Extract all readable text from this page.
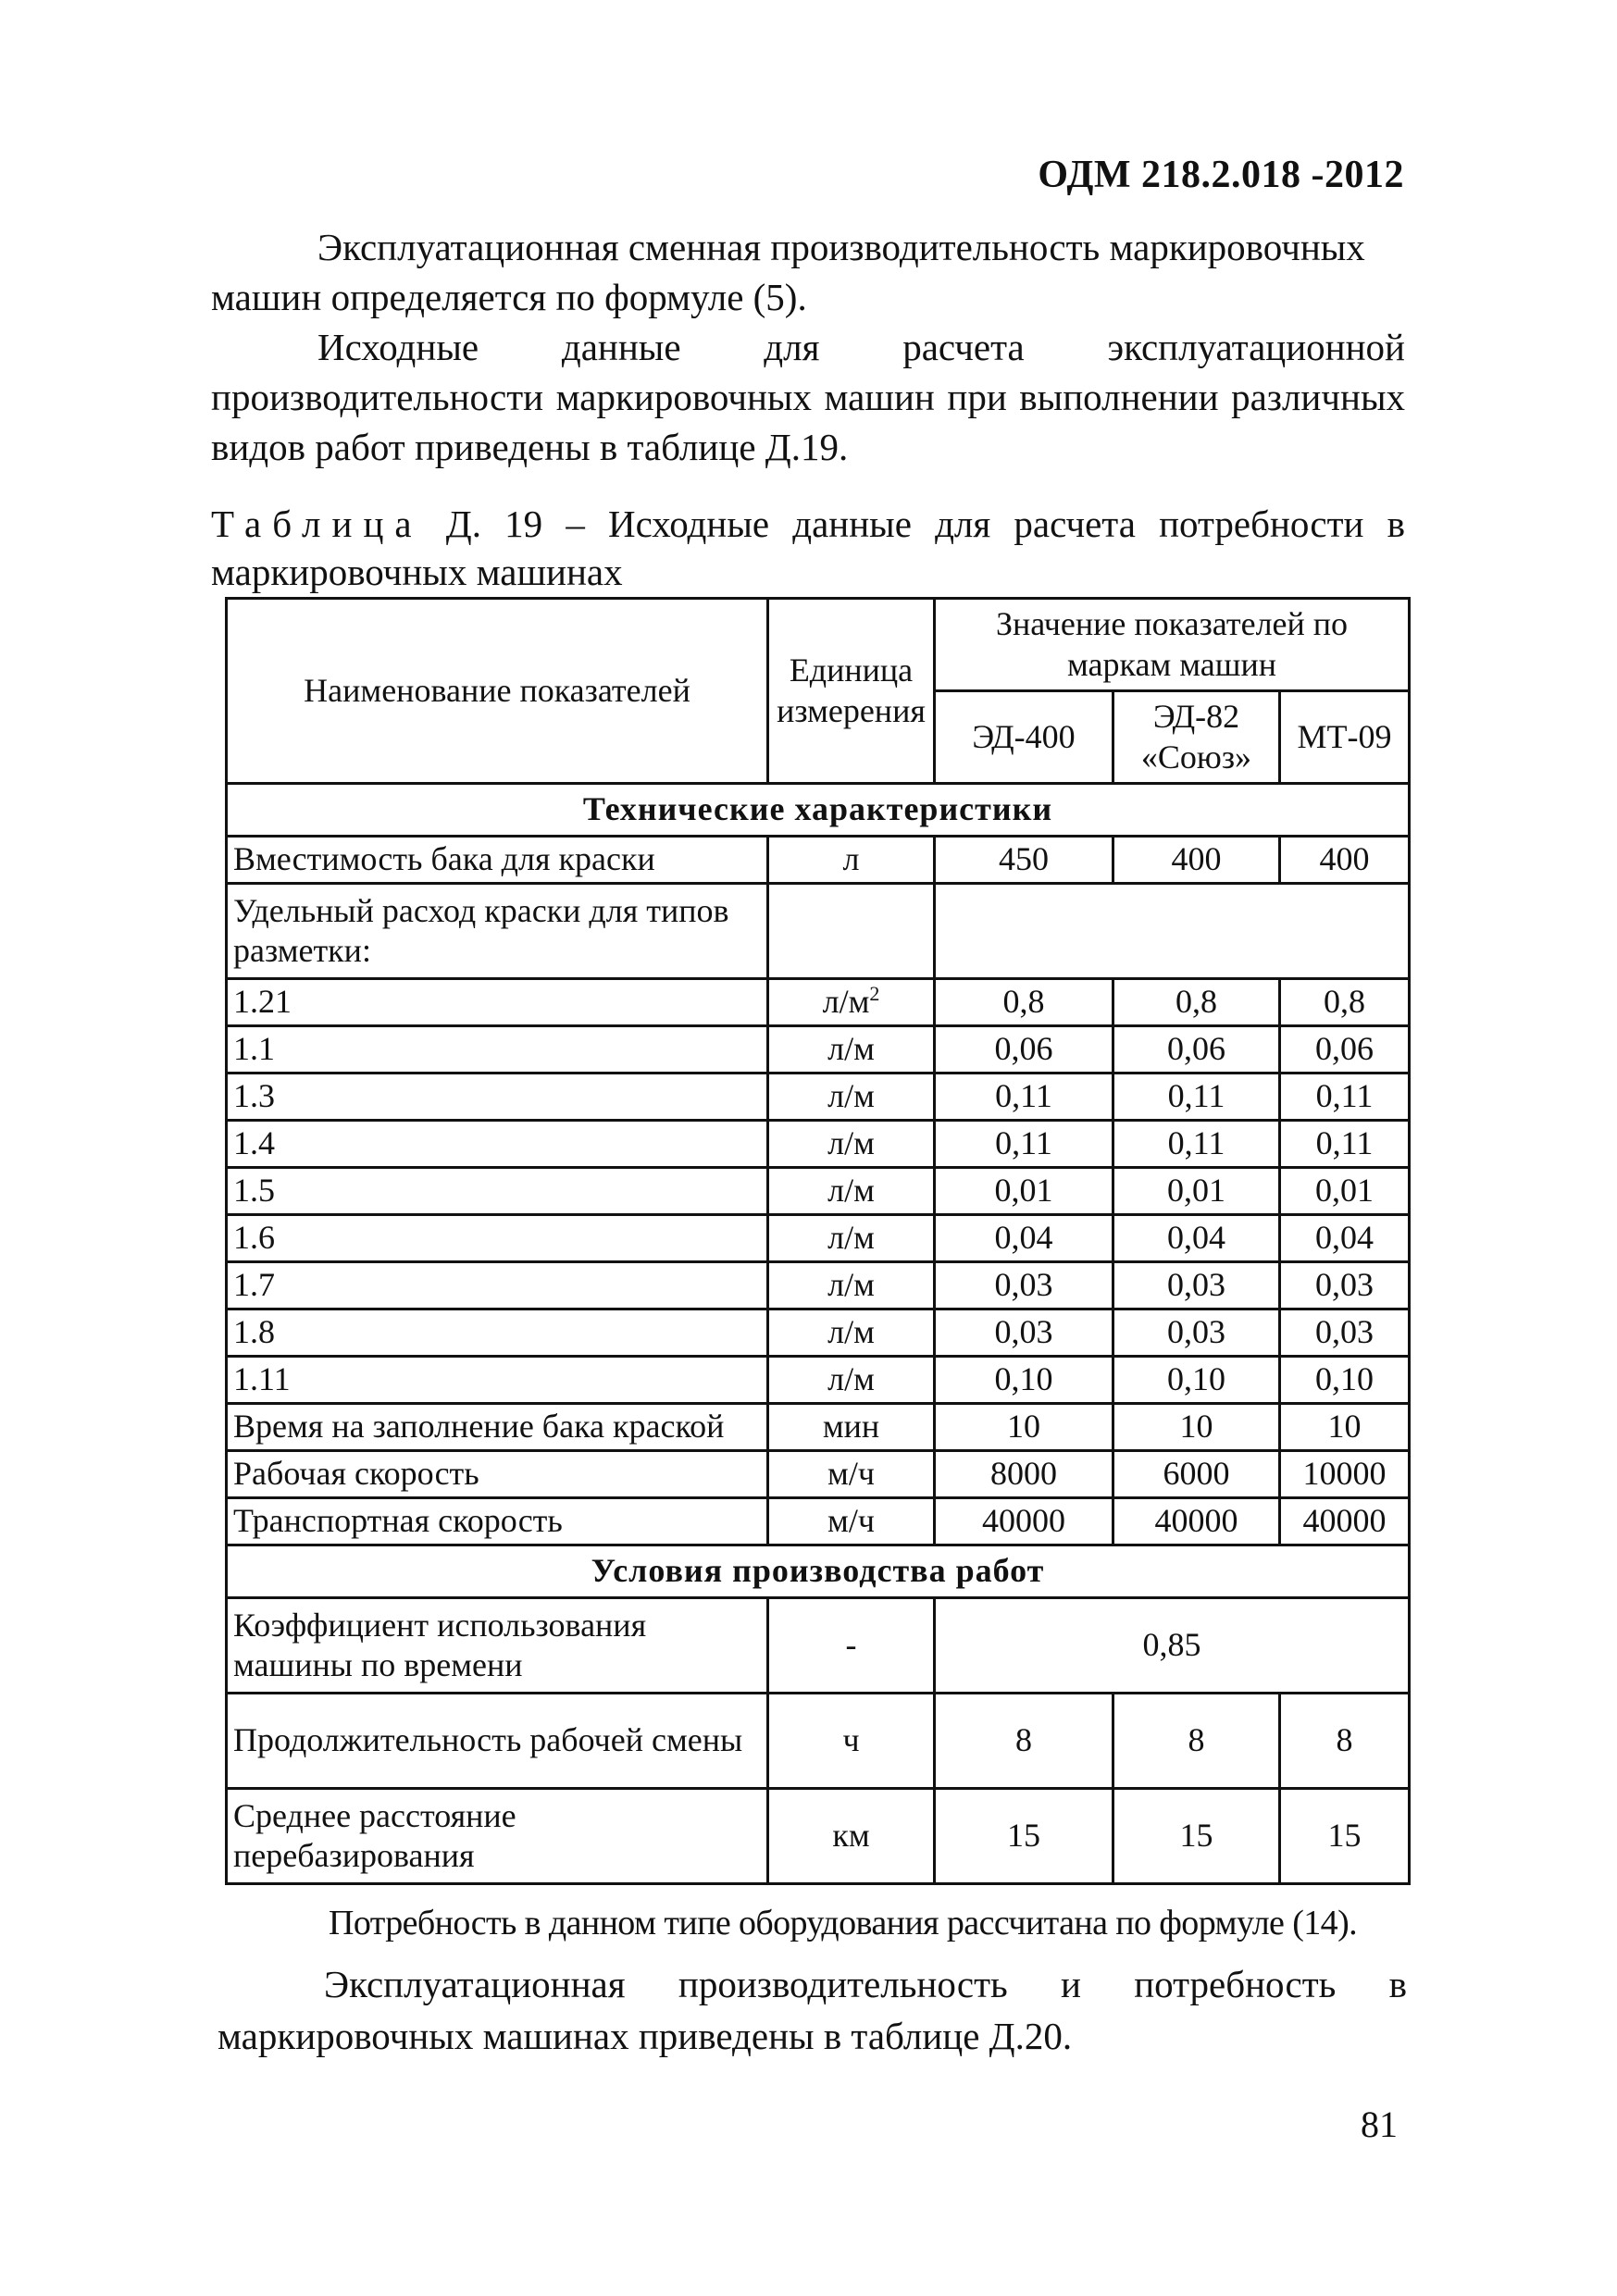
ОДМ 218.2.018 -2012

Эксплуатационная сменная производительность маркировочных машин определяется по формуле (5).

Исходные данные для расчета эксплуатационной
производительности маркировочных машин при выполнении различных видов работ приведены в таблице Д.19.

Таблица Д. 19 – Исходные данные для расчета потребности в
маркировочных машинах

Наименование показателей	Единица измерения	Значение показателей по маркам машин		
		ЭД-400	ЭД-82 «Союз»	МТ-09
Технические характеристики				
Вместимость бака для краски	л	450	400	400
Удельный расход краски для типов разметки:				
1.21	$л/м^2$	0,8	0,8	0,8
1.1	л/м	0,06	0,06	0,06
1.3	л/м	0,11	0,11	0,11
1.4	л/м	0,11	0,11	0,11
1.5	л/м	0,01	0,01	0,01
1.6	л/м	0,04	0,04	0,04
1.7	л/м	0,03	0,03	0,03
1.8	л/м	0,03	0,03	0,03
1.11	л/м	0,10	0,10	0,10
Время на заполнение бака краской	мин	10	10	10
Рабочая скорость	м/ч	8000	6000	10000
Транспортная скорость	м/ч	40000	40000	40000
Условия производства работ				
Коэффициент использования машины по времени	-	0,85		
Продолжительность рабочей смены	ч	8	8	8
Среднее расстояние перебазирования	км	15	15	15

Потребность в данном типе оборудования рассчитана по формуле (14).

Эксплуатационная производительность и потребность в
маркировочных машинах приведены в таблице Д.20.

81
